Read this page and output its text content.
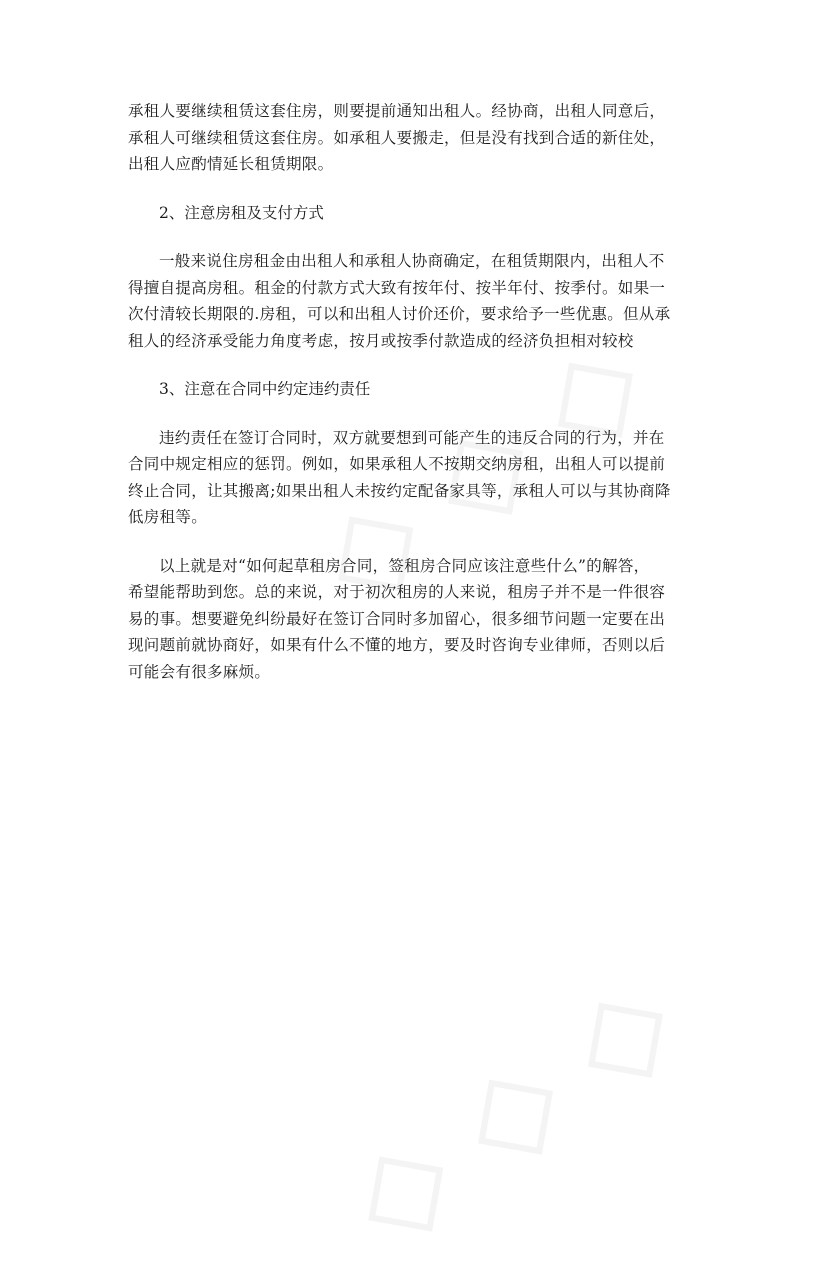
承租人要继续租赁这套住房，则要提前通知出租人。经协商，出租人同意后，
承租人可继续租赁这套住房。如承租人要搬走，但是没有找到合适的新住处，
出租人应酌情延长租赁期限。

2、注意房租及支付方式

一般来说住房租金由出租人和承租人协商确定，在租赁期限内，出租人不
得擅自提高房租。租金的付款方式大致有按年付、按半年付、按季付。如果一
次付清较长期限的.房租，可以和出租人讨价还价，要求给予一些优惠。但从承
租人的经济承受能力角度考虑，按月或按季付款造成的经济负担相对较校

3、注意在合同中约定违约责任

违约责任在签订合同时，双方就要想到可能产生的违反合同的行为，并在
合同中规定相应的惩罚。例如，如果承租人不按期交纳房租，出租人可以提前
终止合同，让其搬离;如果出租人未按约定配备家具等，承租人可以与其协商降
低房租等。

以上就是对“如何起草租房合同，签租房合同应该注意些什么”的解答，
希望能帮助到您。总的来说，对于初次租房的人来说，租房子并不是一件很容
易的事。想要避免纠纷最好在签订合同时多加留心，很多细节问题一定要在出
现问题前就协商好，如果有什么不懂的地方，要及时咨询专业律师，否则以后
可能会有很多麻烦。
